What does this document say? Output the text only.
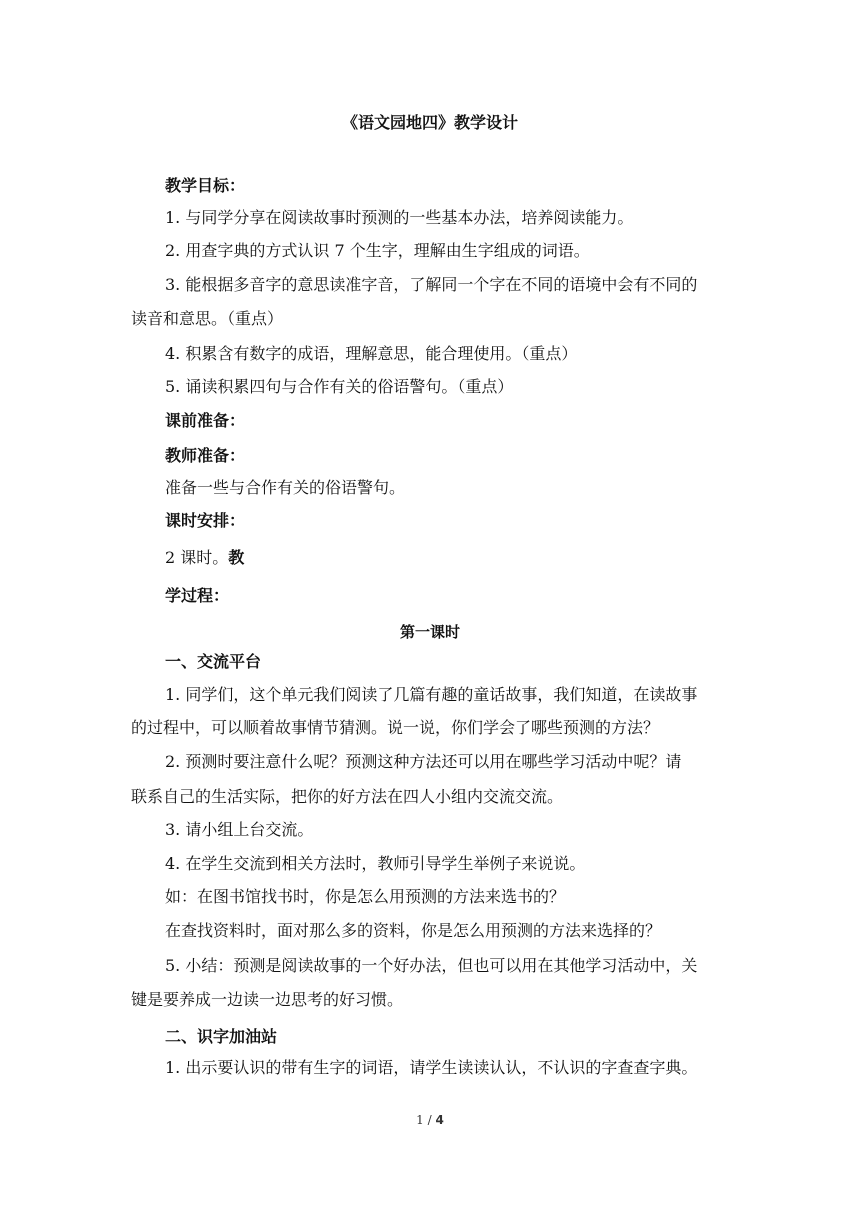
《语文园地四》教学设计
教学目标：
1. 与同学分享在阅读故事时预测的一些基本办法，培养阅读能力。
2. 用查字典的方式认识 7 个生字，理解由生字组成的词语。
3. 能根据多音字的意思读准字音，了解同一个字在不同的语境中会有不同的
读音和意思。（重点）
4. 积累含有数字的成语，理解意思，能合理使用。（重点）
5. 诵读积累四句与合作有关的俗语警句。（重点）
课前准备：
教师准备：
准备一些与合作有关的俗语警句。
课时安排：
2 课时。教
学过程：
第一课时
一、交流平台
1. 同学们，这个单元我们阅读了几篇有趣的童话故事，我们知道，在读故事
的过程中，可以顺着故事情节猜测。说一说，你们学会了哪些预测的方法？
2. 预测时要注意什么呢？预测这种方法还可以用在哪些学习活动中呢？请
联系自己的生活实际，把你的好方法在四人小组内交流交流。
3. 请小组上台交流。
4. 在学生交流到相关方法时，教师引导学生举例子来说说。
如：在图书馆找书时，你是怎么用预测的方法来选书的？
在查找资料时，面对那么多的资料，你是怎么用预测的方法来选择的？
5. 小结：预测是阅读故事的一个好办法，但也可以用在其他学习活动中，关
键是要养成一边读一边思考的好习惯。
二、识字加油站
1. 出示要认识的带有生字的词语，请学生读读认认，不认识的字查查字典。
1 / 4
